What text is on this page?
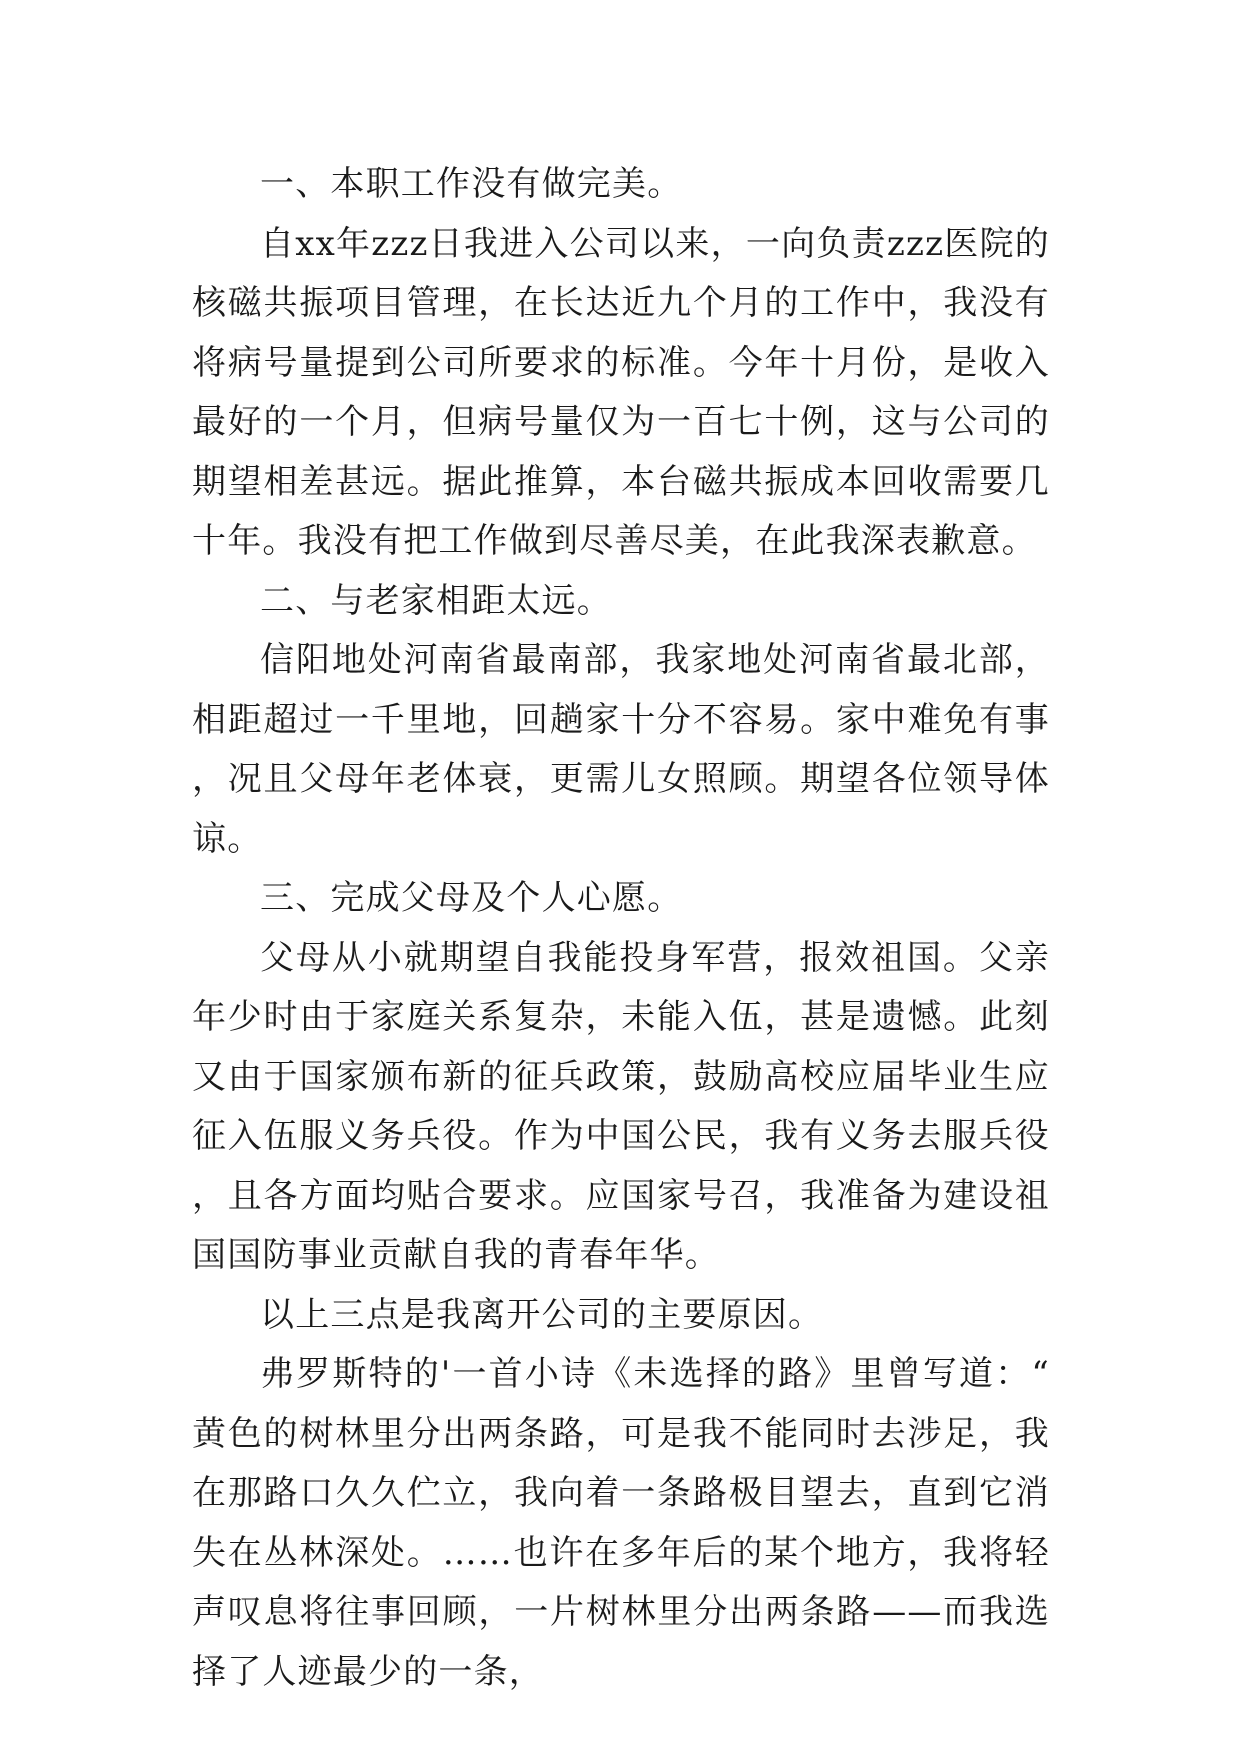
一、本职工作没有做完美。

自xx年zzz日我进入公司以来，一向负责zzz医院的核磁共振项目管理，在长达近九个月的工作中，我没有将病号量提到公司所要求的标准。今年十月份，是收入最好的一个月，但病号量仅为一百七十例，这与公司的期望相差甚远。据此推算，本台磁共振成本回收需要几十年。我没有把工作做到尽善尽美，在此我深表歉意。

二、与老家相距太远。

信阳地处河南省最南部，我家地处河南省最北部，相距超过一千里地，回趟家十分不容易。家中难免有事，况且父母年老体衰，更需儿女照顾。期望各位领导体谅。

三、完成父母及个人心愿。

父母从小就期望自我能投身军营，报效祖国。父亲年少时由于家庭关系复杂，未能入伍，甚是遗憾。此刻又由于国家颁布新的征兵政策，鼓励高校应届毕业生应征入伍服义务兵役。作为中国公民，我有义务去服兵役，且各方面均贴合要求。应国家号召，我准备为建设祖国国防事业贡献自我的青春年华。

以上三点是我离开公司的主要原因。

弗罗斯特的'一首小诗《未选择的路》里曾写道：“黄色的树林里分出两条路，可是我不能同时去涉足，我在那路口久久伫立，我向着一条路极目望去，直到它消失在丛林深处。……也许在多年后的某个地方，我将轻声叹息将往事回顾，一片树林里分出两条路——而我选择了人迹最少的一条，
